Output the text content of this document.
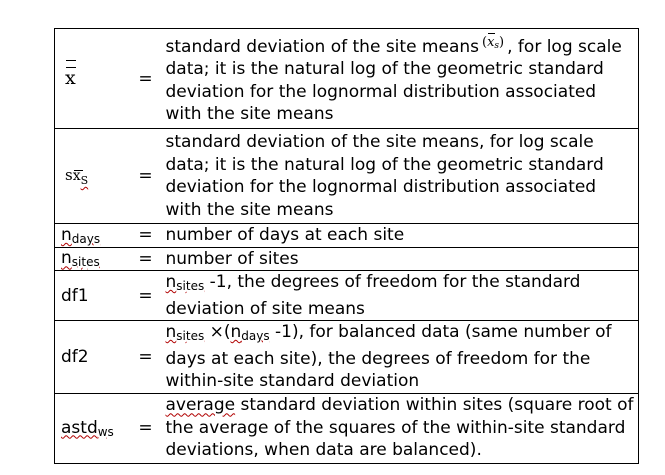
x	=	standard deviation of the site means $^{(xs)}$ , for log scale data; it is the natural log of the geometric standard deviation for the lognormal distribution associated with the site means
$sx_S$	=	standard deviation of the site means, for log scale data; it is the natural log of the geometric standard deviation for the lognormal distribution associated with the site means
$n_{days}$	=	number of days at each site
$n_{sites}$	=	number of sites
df1	=	$n_{sites}$ -1, the degrees of freedom for the standard deviation of site means
df2	=	$n_{sites} \times(n_{days}$ -1), for balanced data (same number of days at each site), the degrees of freedom for the within-site standard deviation
astd$_{ws}$	=	average standard deviation within sites (square root of the average of the squares of the within-site standard deviations, when data are balanced).
